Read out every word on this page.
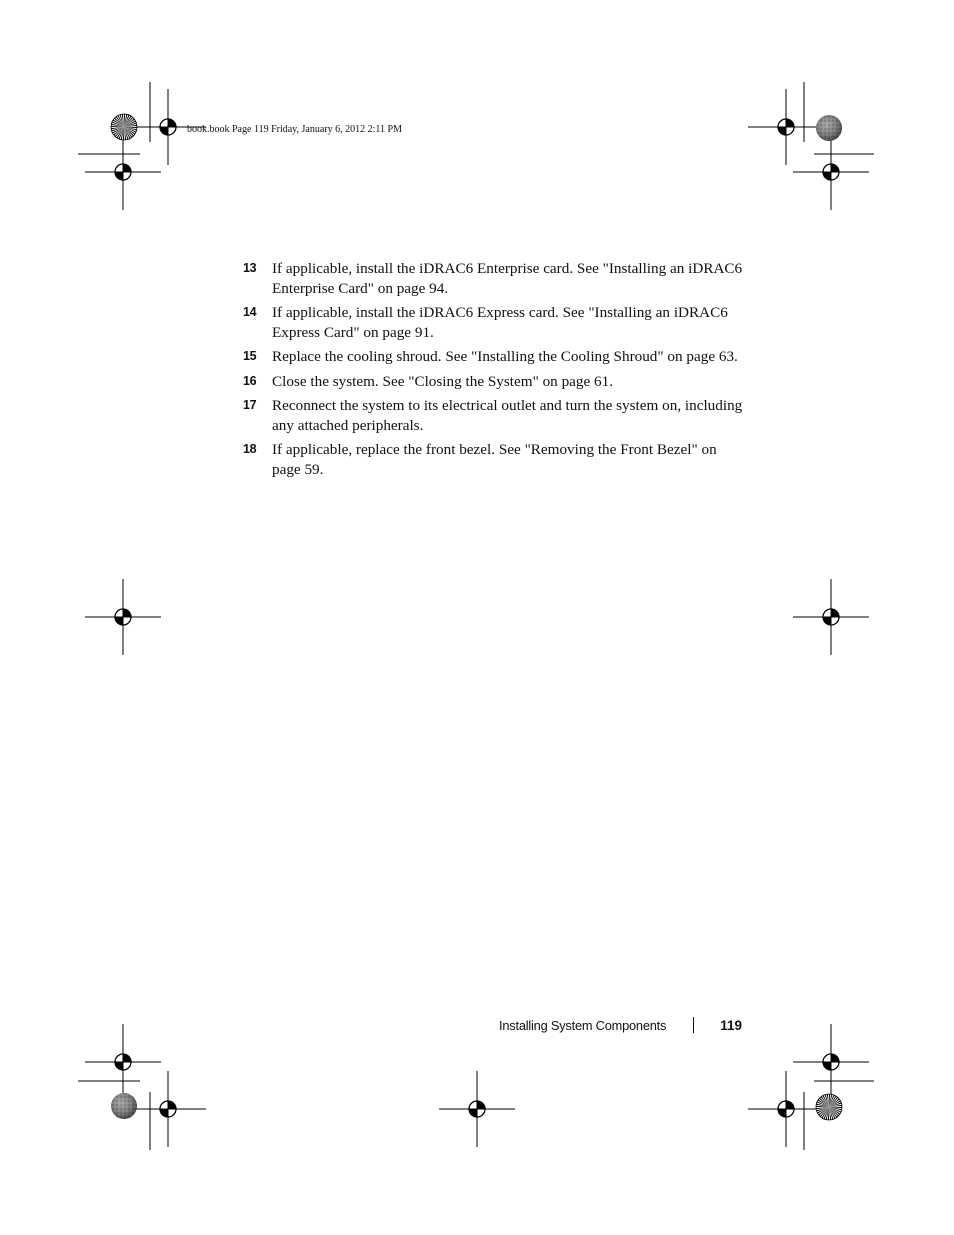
book.book Page 119 Friday, January 6, 2012 2:11 PM
13 If applicable, install the iDRAC6 Enterprise card. See "Installing an iDRAC6 Enterprise Card" on page 94.
14 If applicable, install the iDRAC6 Express card. See "Installing an iDRAC6 Express Card" on page 91.
15 Replace the cooling shroud. See "Installing the Cooling Shroud" on page 63.
16 Close the system. See "Closing the System" on page 61.
17 Reconnect the system to its electrical outlet and turn the system on, including any attached peripherals.
18 If applicable, replace the front bezel. See "Removing the Front Bezel" on page 59.
Installing System Components	119
